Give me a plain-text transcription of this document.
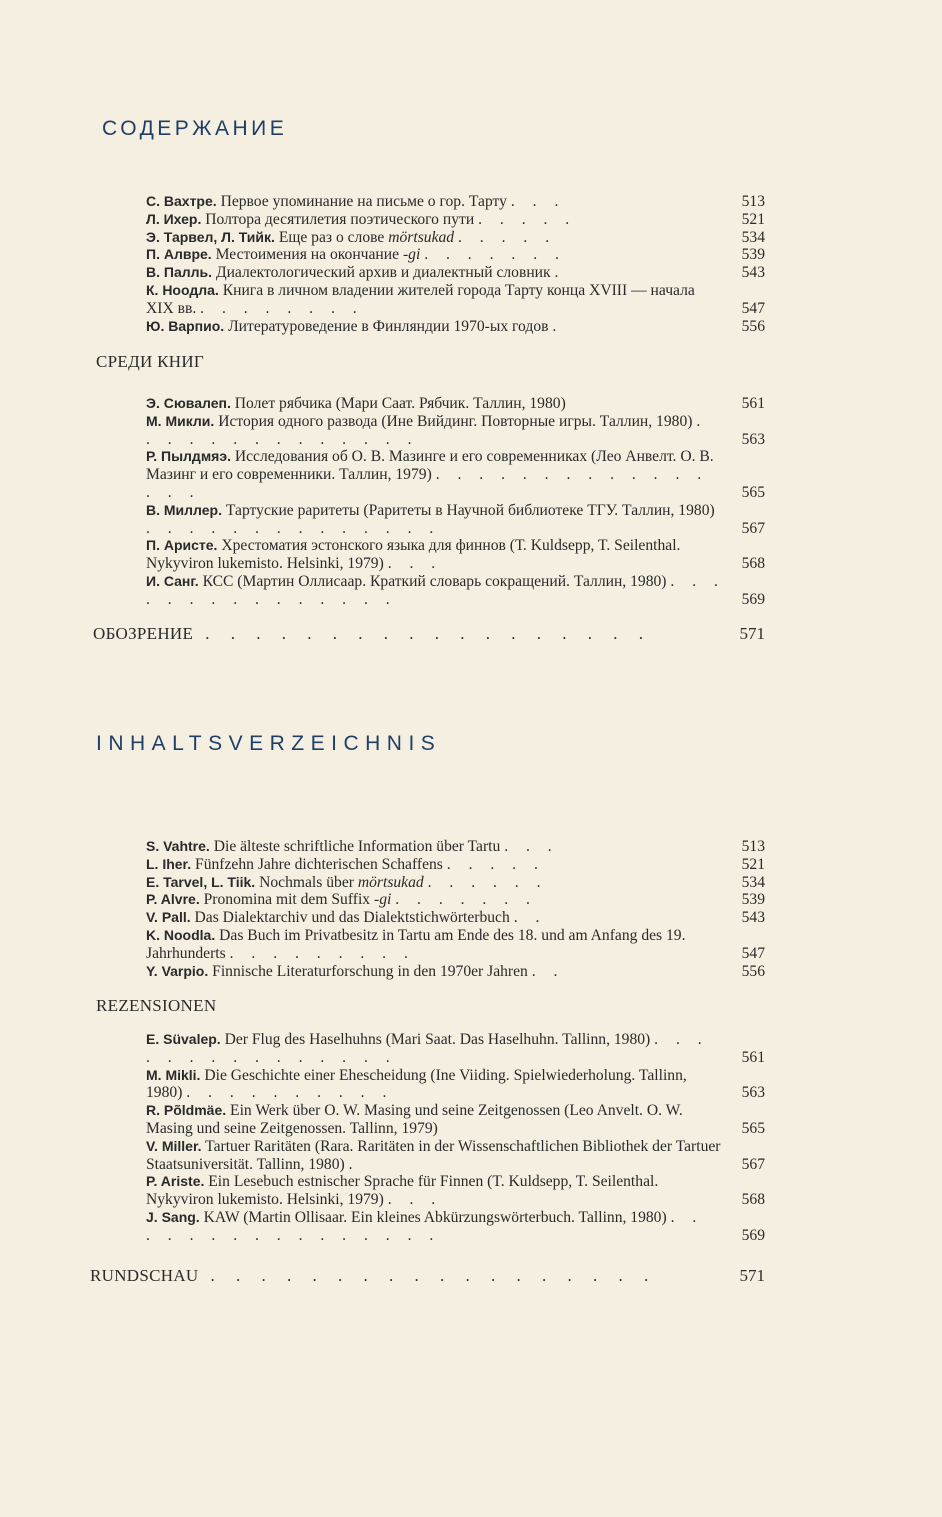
СОДЕРЖАНИЕ
С. Вахтре. Первое упоминание на письме о гор. Тарту . . .	513
Л. Ихер. Полтора десятилетия поэтического пути . . . . .	521
Э. Тарвел, Л. Тийк. Еще раз о слове mörtsukad . . . . .	534
П. Алвре. Местоимения на окончание -gi . . . . . . .	539
В. Палль. Диалектологический архив и диалектный словник .	543
К. Ноодла. Книга в личном владении жителей города Тарту конца XVIII — начала XIX вв. . . . . . . . .	547
Ю. Варпио. Литературоведение в Финляндии 1970-ых годов .	556
СРЕДИ КНИГ
Э. Сювалеп. Полет рябчика (Мари Саат. Рябчик. Таллин, 1980)	561
М. Микли. История одного развода (Ине Вийдинг. Повторные игры. Таллин, 1980) . . . . . . . . . . . . . .	563
Р. Пылдмяэ. Исследования об О. В. Мазинге и его современниках (Лео Анвелт. О. В. Мазинг и его современники. Таллин, 1979) . . . . . . . . . . . . . . . .	565
В. Миллер. Тартуские раритеты (Раритеты в Научной библиотеке ТГУ. Таллин, 1980) . . . . . . . . . . . . . .	567
П. Аристе. Хрестоматия эстонского языка для финнов (Т. Kuldsepp, T. Seilenthal. Nykyviron lukemisto. Helsinki, 1979) . . .	568
И. Санг. КСС (Мартин Оллисаар. Краткий словарь сокращений. Таллин, 1980) . . . . . . . . . . . . . . .	569
ОБОЗРЕНИЕ . . . . . . . . . . . . . . . . . .	571
INHALTSVERZEICHNIS
S. Vahtre. Die älteste schriftliche Information über Tartu . . .	513
L. Iher. Fünfzehn Jahre dichterischen Schaffens . . . . .	521
E. Tarvel, L. Tiik. Nochmals über mörtsukad . . . . . .	534
P. Alvre. Pronomina mit dem Suffix -gi . . . . . . .	539
V. Pall. Das Dialektarchiv und das Dialektstichwörterbuch . .	543
K. Noodla. Das Buch im Privatbesitz in Tartu am Ende des 18. und am Anfang des 19. Jahrhunderts . . . . . . . . .	547
Y. Varpio. Finnische Literaturforschung in den 1970er Jahren . .	556
REZENSIONEN
E. Süvalep. Der Flug des Haselhuhns (Mari Saat. Das Haselhuhn. Tallinn, 1980) . . . . . . . . . . . . . . .	561
M. Mikli. Die Geschichte einer Ehescheidung (Ine Viiding. Spielwiederholung. Tallinn, 1980) . . . . . . . . . .	563
R. Põldmäe. Ein Werk über O. W. Masing und seine Zeitgenossen (Leo Anvelt. O. W. Masing und seine Zeitgenossen. Tallinn, 1979)	565
V. Miller. Tartuer Raritäten (Rara. Raritäten in der Wissenschaftlichen Bibliothek der Tartuer Staatsuniversität. Tallinn, 1980) .	567
P. Ariste. Ein Lesebuch estnischer Sprache für Finnen (T. Kuldsepp, T. Seilenthal. Nykyviron lukemisto. Helsinki, 1979) . . .	568
J. Sang. KAW (Martin Ollisaar. Ein kleines Abkürzungswörterbuch. Tallinn, 1980) . . . . . . . . . . . . . . . .	569
RUNDSCHAU . . . . . . . . . . . . . . . . . .	571
